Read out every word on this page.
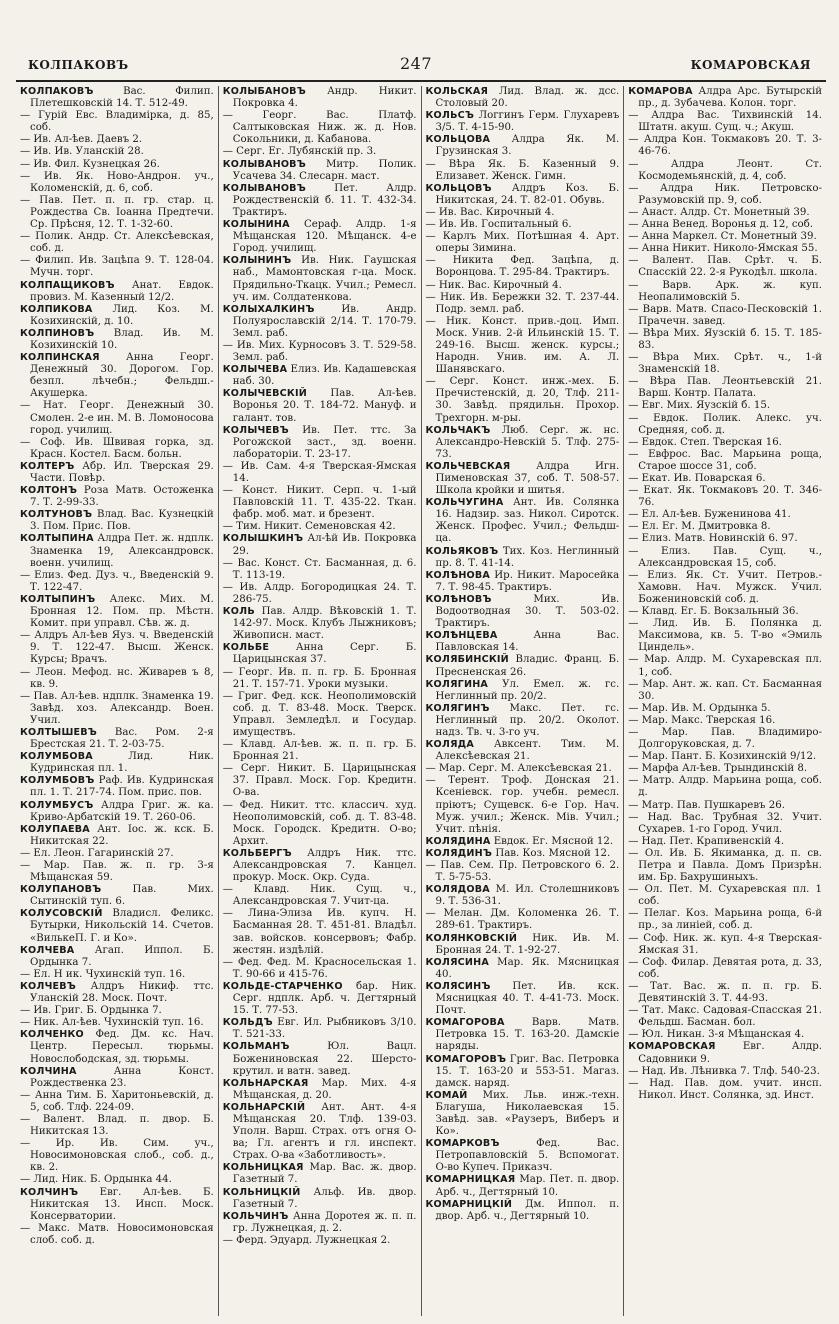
КОЛПАКОВЪ	247	КОМАРОВСКАЯ

КОЛПАКОВЪ Вас. Филип. Плетешковскiй 14. Т. 512-49.

— Гурiй Евс. Владимiрка, д. 85, соб.

— Ив. Ал-ѣев. Даевъ 2.

— Ив. Ив. Уланскiй 28.

— Ив. Фил. Кузнецкая 26.

— Ив. Як. Ново-Андрон. уч., Коломенскiй, д. 6, соб.

— Пав. Пет. п. п. гр. стар. ц. Рождества Св. Iоанна Предтечи. Ср. Прѣсня, 12. Т. 1-32-60.

— Полик. Андр. Ст. Алексѣевская, соб. д.

— Филип. Ив. Зацѣпа 9. Т. 128-04. Мучн. торг.

КОЛПАЩИКОВЪ Анат. Евдок. провиз. М. Казенный 12/2.

КОЛПИКОВА Лид. Коз. М. Козихинскiй, д. 10.

КОЛПИНОВЪ Влад. Ив. М. Козихинскiй 10.

КОЛПИНСКАЯ Анна Георг. Денежный 30. Дорогом. Гор. безпл. лѣчебн.; Фельдш.-Акушерка.

— Нат. Георг. Денежный 30. Смолен. 2-е ин. М. В. Ломоносова город. училищ.

— Соф. Ив. Швивая горка, зд. Красн. Костел. Басм. больн.

КОЛТЕРЪ Абр. Ил. Тверская 29. Части. Повѣр.

КОЛТОНЪ Роза Матв. Остоженка 7. Т. 2-99-33.

КОЛТУНОВЪ Влад. Вас. Кузнецкiй 3. Пом. Прис. Пов.

КОЛТЫПИНА Алдра Пет. ж. ндплк. Знаменка 19, Александровск. военн. училищ.

— Елиз. Фед. Дуз. ч., Введенскiй 9. Т. 122-47.

КОЛТЫПИНЪ Алекс. Мих. М. Бронная 12. Пом. пр. Мѣстн. Комит. при управл. Сѣв. ж. д.

— Алдръ Ал-ѣев Яуз. ч. Введенскiй 9. Т. 122-47. Высш. Женск. Курсы; Врачъ.

— Леон. Мефод. нс. Живарев ъ 8, кв. 9.

— Пав. Ал-ѣев. ндплк. Знаменка 19. Завѣд. хоз. Александр. Воен. Учил.

КОЛТЫШЕВЪ Вас. Ром. 2-я Брестская 21. Т. 2-03-75.

КОЛУМБОВА Лид. Ник. Кудринская пл. 1.

КОЛУМБОВЪ Раф. Ив. Кудринская пл. 1. Т. 217-74. Пом. прис. пов.

КОЛУМБУСЪ Алдра Григ. ж. ка. Криво-Арбатскiй 19. Т. 260-06.

КОЛУПАЕВА Ант. Iос. ж. кск. Б. Никитская 22.

— Ел. Леон. Гагаринскiй 27.

— Мар. Пав. ж. п. гр. 3-я Мѣщанская 59.

КОЛУПАНОВЪ Пав. Мих. Сытинскiй туп. 6.

КОЛУСОВСКIЙ Владисл. Феликс. Бутырки, Никольскiй 14. Счетов. «ВилькеП. Г. и Ко».

КОЛЧЕВА Агап. Иппол. Б. Ордынка 7.

— Ел. Н ик. Чухинскiй туп. 16.

КОЛЧЕВЪ Алдръ Никиф. ттс. Уланскiй 28. Моск. Почт.

— Ив. Григ. Б. Ордынка 7.

— Ник. Ал-ѣев. Чухинскiй туп. 16.

КОЛЧЕНКО Фед. Дм. кс. Нач. Центр. Пересыл. тюрьмы. Новослободская, зд. тюрьмы.

КОЛЧИНА Анна Конст. Рождественка 23.

— Анна Тим. Б. Харитоньевскiй, д. 5, соб. Тлф. 224-09.

— Валент. Влад. п. двор. Б. Никитская 13.

— Ир. Ив. Сим. уч., Новосимоновская слоб., соб. д., кв. 2.

— Лид. Ник. Б. Ордынка 44.

КОЛЧИНЪ Евг. Ал-ѣев. Б. Никитская 13. Инсп. Моск. Консерватории.

— Макс. Матв. Новосимоновская слоб. соб. д.

КОЛЫБАНОВЪ Андр. Никит. Покровка 4.

— Георг. Вас. Платф. Салтыковская Ниж. ж. д. Нов. Сокольники, д. Кабанова.

— Серг. Ег. Лубянскiй пр. 3.

КОЛЫВАНОВЪ Митр. Полик. Усачева 34. Слесарн. маст.

КОЛЫВАНОВЪ Пет. Алдр. Рождественскiй б. 11. Т. 432-34. Трактиръ.

КОЛЫНИНА Сераф. Алдр. 1-я Мѣщанская 120. Мѣщанск. 4-е Город. училищ.

КОЛЫНИНЪ Ив. Ник. Гаушская наб., Мамонтовская г-ца. Моск. Прядильно-Ткацк. Учил.; Ремесл. уч. им. Солдатенкова.

КОЛЫХАЛКИНЪ Ив. Андр. Полуярославскiй 2/14. Т. 170-79. Земл. раб.

— Ив. Мих. Курносовъ 3. Т. 529-58. Земл. раб.

КОЛЫЧЕВА Елиз. Ив. Кадашевская наб. 30.

КОЛЫЧЕВСКIЙ Пав. Ал-ѣев. Воронья 20. Т. 184-72. Мануф. и галант. тов.

КОЛЫЧЕВЪ Ив. Пет. ттс. За Рогожской заст., зд. военн. лабораторiи. Т. 23-17.

— Ив. Сам. 4-я Тверская-Ямская 14.

— Конст. Никит. Серп. ч. 1-ый Павловскiй 11. Т. 435-22. Ткан. фабр. моб. мат. и брезент.

— Тим. Никит. Семеновская 42.

КОЛЫШКИНЪ Ал-ѣй Ив. Покровка 29.

— Вас. Конст. Ст. Басманная, д. 6. Т. 113-19.

— Ив. Алдр. Богородицкая 24. Т. 286-75.

КОЛЬ Пав. Алдр. Вѣковскiй 1. Т. 142-97. Моск. Клубъ Лыжниковъ; Живописн. маст.

КОЛЬБЕ Анна Серг. Б. Царицынская 37.

— Георг. Ив. п. п. гр. Б. Бронная 21. Т. 157-71. Уроки музыки.

— Григ. Фед. кск. Неополимовскiй соб. д. Т. 83-48. Моск. Тверск. Управл. Земледѣл. и Государ. имуществъ.

— Клавд. Ал-ѣев. ж. п. п. гр. Б. Бронная 21.

— Серг. Никит. Б. Царицынская 37. Правл. Моск. Гор. Кредитн. О-ва.

— Фед. Никит. ттс. классич. худ. Неополимовскiй, соб. д. Т. 83-48. Моск. Городск. Кредитн. О-во; Архит.

КОЛЬБЕРГЪ Алдръ Ник. ттс. Александровская 7. Канцел. прокур. Моск. Окр. Суда.

— Клавд. Ник. Сущ. ч., Александровская 7. Учит-ца.

— Лина-Элиза Ив. купч. Н. Басманная 28. Т. 451-81. Владѣл. зав. войсков. консервовъ; Фабр. жестян. издѣлiй.

— Фед. Фед. М. Красносельская 1. Т. 90-66 и 415-76.

КОЛЬДЕ-СТАРЧЕНКО бар. Ник. Серг. ндплк. Арб. ч. Дегтярный 15. Т. 77-53.

КОЛЬДЪ Евг. Ил. Рыбниковъ 3/10. Т. 521-33.

КОЛЬМАНЪ Юл. Вацл. Божениновская 22. Шерсто-крутил. и ватн. завед.

КОЛЬНАРСКАЯ Мар. Мих. 4-я Мѣщанская, д. 20.

КОЛЬНАРСКIЙ Ант. Ант. 4-я Мѣщанская 20. Тлф. 139-03. Уполн. Варш. Страх. отъ огня О-ва; Гл. агентъ и гл. инспект. Страх. О-ва «Заботливость».

КОЛЬНИЦКАЯ Мар. Вас. ж. двор. Газетный 7.

КОЛЬНИЦКIЙ Альф. Ив. двор. Газетный 7.

КОЛЬЧИНЪ Анна Доротея ж. п. п. гр. Лужнецкая, д. 2.

— Ферд. Эдуард. Лужнецкая 2.

КОЛЬСКАЯ Лид. Влад. ж. дсс. Столовый 20.

КОЛЬСЪ Логгинъ Герм. Глухаревъ 3/5. Т. 4-15-90.

КОЛЬЦОВА Алдра Як. М. Грузинская 3.

— Вѣра Як. Б. Казенный 9. Елизавет. Женск. Гимн.

КОЛЬЦОВЪ Алдръ Коз. Б. Никитская, 24. Т. 82-01. Обувь.

— Ив. Вас. Кирочный 4.

— Ив. Ив. Госпитальный 6.

— Карлъ Мих. Потѣшная 4. Арт. оперы Зимина.

— Никита Фед. Зацѣпа, д. Воронцова. Т. 295-84. Трактиръ.

— Ник. Вас. Кирочный 4.

— Ник. Ив. Бережки 32. Т. 237-44. Подр. земл. раб.

— Ник. Конст. прив.-доц. Имп. Моск. Унив. 2-й Ильинскiй 15. Т. 249-16. Высш. женск. курсы.; Народн. Унив. им. А. Л. Шанявскаго.

— Серг. Конст. инж.-мех. Б. Пречистенскiй, д. 20, Тлф. 211-30. Завѣд. прядильн. Прохор. Трехгорн. м-ры.

КОЛЬЧАКЪ Люб. Серг. ж. нс. Александро-Невскiй 5. Тлф. 275-73.

КОЛЬЧЕВСКАЯ Алдра Игн. Пименовская 37, соб. Т. 508-57. Школа кройки и шитья.

КОЛЬЧУГИНА Ант. Ив. Солянка 16. Надзир. заз. Никол. Сиротск. Женск. Профес. Учил.; Фельдш-ца.

КОЛЬЯКОВЪ Тих. Коз. Неглинный пр. 8. Т. 41-14.

КОЛѢНОВА Ир. Никит. Маросейка 7. Т. 98-45. Трактиръ.

КОЛѢНОВЪ Мих. Ив. Водоотводная 30. Т. 503-02. Трактиръ.

КОЛѢНЦЕВА Анна Вас. Павловская 14.

КОЛЯБИНСКIЙ Владис. Франц. Б. Пресненская 26.

КОЛЯГИНА Ул. Емел. ж. гс. Неглинный пр. 20/2.

КОЛЯГИНЪ Макс. Пет. гс. Неглинный пр. 20/2. Околот. надз. Тв. ч. 3-го уч.

КОЛЯДА Авксент. Тим. М. Алексѣевская 21.

— Мар. Серг. М. Алексѣевская 21.

— Терент. Троф. Донская 21. Ксенiевск. гор. учебн. ремесл. прiютъ; Сущевск. 6-е Гор. Нач. Муж. учил.; Женск. Мiв. Учил.; Учит. пѣнiя.

КОЛЯДИНА Евдок. Ег. Мясной 12.

КОЛЯДИНЪ Пав. Коз. Мясной 12.

— Пав. Сем. Пр. Петровского 6. 2. Т. 5-75-53.

КОЛЯДОВА М. Ил. Столешниковъ 9. Т. 536-31.

— Мелан. Дм. Коломенка 26. Т. 289-61. Трактиръ.

КОЛЯНКОВСКIЙ Ник. Ив. М. Бронная 24. Т. 1-92-27.

КОЛЯСИНА Мар. Як. Мясницкая 40.

КОЛЯСИНЪ Пет. Ив. кск. Мясницкая 40. Т. 4-41-73. Моск. Почт.

КОМАГОРОВА Варв. Матв. Петровка 15. Т. 163-20. Дамскiе наряды.

КОМАГОРОВЪ Григ. Вас. Петровка 15. Т. 163-20 и 553-51. Магаз. дамск. наряд.

КОМАЙ Мих. Льв. инж.-техн. Благуша, Николаевская 15. Завѣд. зав. «Раузеръ, Виберъ и Ко».

КОМАРКОВЪ Фед. Вас. Петропавловскiй 5. Вспомогат. О-во Купеч. Приказч.

КОМАРНИЦКАЯ Мар. Пет. п. двор. Арб. ч., Дегтярный 10.

КОМАРНИЦКIЙ Дм. Иппол. п. двор. Арб. ч., Дегтярный 10.

КОМАРОВА Алдра Арс. Бутырскiй пр., д. Зубачева. Колон. торг.

— Алдра Вас. Тихвинскiй 14. Штатн. акуш. Сущ. ч.; Акуш.

— Алдра Кон. Токмаковъ 20. Т. 3-46-76.

— Алдра Леонт. Ст. Космодемьянскiй, д. 4, соб.

— Алдра Ник. Петровско-Разумовскiй пр. 9, соб.

— Анаст. Алдр. Ст. Монетный 39.

— Анна Венед. Воронья д. 12, соб.

— Анна Маркел. Ст. Монетный 39.

— Анна Никит. Николо-Ямская 55.

— Валент. Пав. Срѣт. ч. Б. Спасскiй 22. 2-я Рукодѣл. школа.

— Варв. Арк. ж. куп. Неопалимовскiй 5.

— Варв. Матв. Спасо-Песковскiй 1. Прачечн. завед.

— Вѣра Мих. Яузскiй б. 15. Т. 185-83.

— Вѣра Мих. Срѣт. ч., 1-й Знаменскiй 18.

— Вѣра Пав. Леонтьевскiй 21. Варш. Контр. Палата.

— Евг. Мих. Яузскiй б. 15.

— Евдок. Полик. Алекс. уч. Средняя, соб. д.

— Евдок. Степ. Тверская 16.

— Евфрос. Вас. Марьина роща, Старое шоссе 31, соб.

— Екат. Ив. Поварская 6.

— Екат. Як. Токмаковъ 20. Т. 346-76.

— Ел. Ал-ѣев. Буженинова 41.

— Ел. Ег. М. Дмитровка 8.

— Елиз. Матв. Новинскiй 6. 97.

— Елиз. Пав. Сущ. ч., Александровская 15, соб.

— Елиз. Як. Ст. Учит. Петров.-Хамовн. Нач. Мужск. Учил. Божениновскiй соб. д.

— Клавд. Ег. Б. Вокзальный 36.

— Лид. Ив. Б. Полянка д. Максимова, кв. 5. Т-во «Эмиль Циндель».

— Мар. Алдр. М. Сухаревская пл. 1, соб.

— Мар. Ант. ж. кап. Ст. Басманная 30.

— Мар. Ив. М. Ордынка 5.

— Мар. Макс. Тверская 16.

— Мар. Пав. Владимиро-Долгоруковская, д. 7.

— Мар. Пант. Б. Козихинскiй 9/12.

— Марфа Ал-ѣев. Трындинскiй 8.

— Матр. Алдр. Марьина роща, соб. д.

— Матр. Пав. Пушкаревъ 26.

— Над. Вас. Трубная 32. Учит. Сухарев. 1-го Город. Учил.

— Над. Пет. Крапивенскiй 4.

— Ол. Ив. Б. Якиманка, д. п. св. Петра и Павла. Домъ Призрѣн. им. Бр. Бахрушиныхъ.

— Ол. Пет. М. Сухаревская пл. 1 соб.

— Пелаг. Коз. Марьина роща, 6-й пр., за линiей, соб. д.

— Соф. Ник. ж. куп. 4-я Тверская-Ямская 31.

— Соф. Филар. Девятая рота, д. 33, соб.

— Тат. Вас. ж. п. п. гр. Б. Девятинскiй 3. Т. 44-93.

— Тат. Макс. Садовая-Спасская 21. Фельдш. Басман. бол.

— Юл. Никан. 3-я Мѣщанская 4.

КОМАРОВСКАЯ Евг. Алдр. Садовники 9.

— Над. Ив. Лѣнивка 7. Тлф. 540-23.

— Над. Пав. дом. учит. инсп. Никол. Инст. Солянка, зд. Инст.
